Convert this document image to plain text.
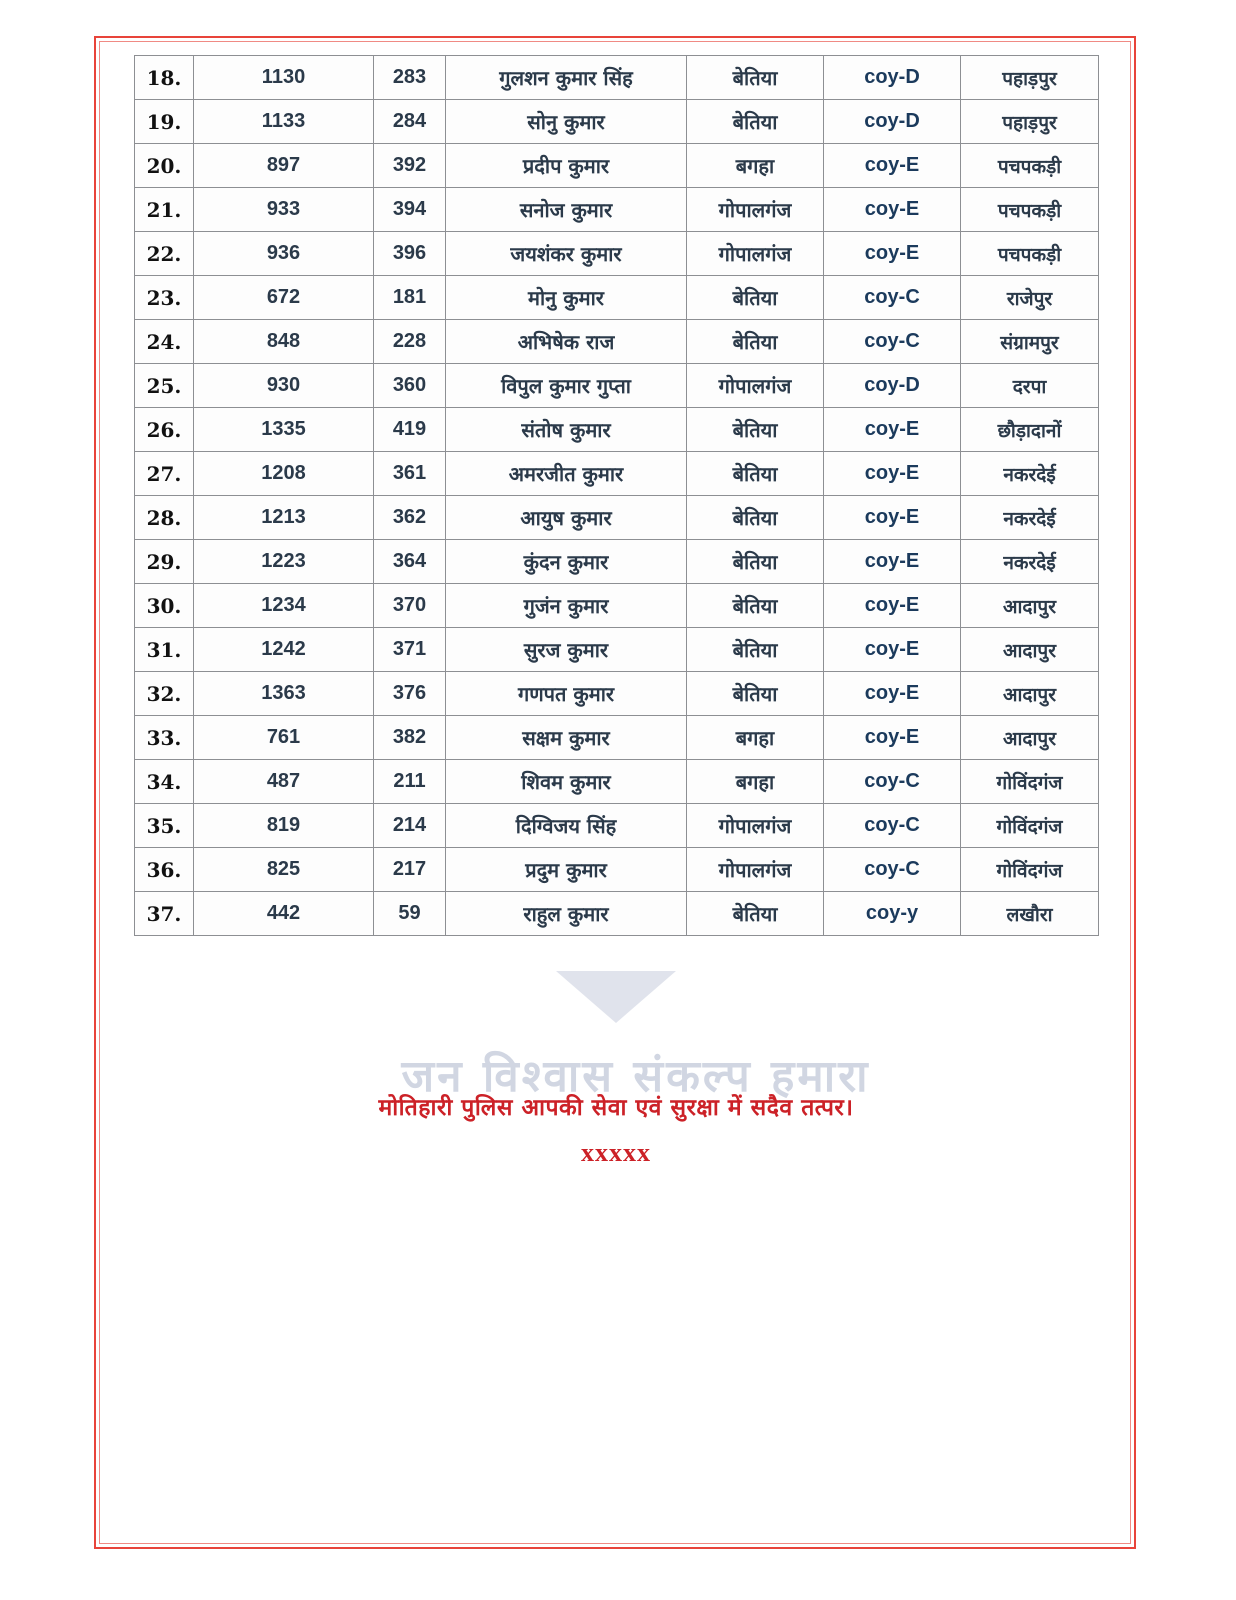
जन विश्वास संकल्प हमारा
18.	1130	283	गुलशन कुमार सिंह	बेतिया	coy-D	पहाड़पुर
19.	1133	284	सोनु कुमार	बेतिया	coy-D	पहाड़पुर
20.	897	392	प्रदीप कुमार	बगहा	coy-E	पचपकड़ी
21.	933	394	सनोज कुमार	गोपालगंज	coy-E	पचपकड़ी
22.	936	396	जयशंकर कुमार	गोपालगंज	coy-E	पचपकड़ी
23.	672	181	मोनु कुमार	बेतिया	coy-C	राजेपुर
24.	848	228	अभिषेक राज	बेतिया	coy-C	संग्रामपुर
25.	930	360	विपुल कुमार गुप्ता	गोपालगंज	coy-D	दरपा
26.	1335	419	संतोष कुमार	बेतिया	coy-E	छौड़ादानों
27.	1208	361	अमरजीत कुमार	बेतिया	coy-E	नकरदेई
28.	1213	362	आयुष कुमार	बेतिया	coy-E	नकरदेई
29.	1223	364	कुंदन कुमार	बेतिया	coy-E	नकरदेई
30.	1234	370	गुजंन कुमार	बेतिया	coy-E	आदापुर
31.	1242	371	सुरज कुमार	बेतिया	coy-E	आदापुर
32.	1363	376	गणपत कुमार	बेतिया	coy-E	आदापुर
33.	761	382	सक्षम कुमार	बगहा	coy-E	आदापुर
34.	487	211	शिवम कुमार	बगहा	coy-C	गोविंदगंज
35.	819	214	दिग्विजय सिंह	गोपालगंज	coy-C	गोविंदगंज
36.	825	217	प्रदुम कुमार	गोपालगंज	coy-C	गोविंदगंज
37.	442	59	राहुल कुमार	बेतिया	coy-y	लखौरा
मोतिहारी पुलिस आपकी सेवा एवं सुरक्षा में सदैव तत्पर।
xxxxx
